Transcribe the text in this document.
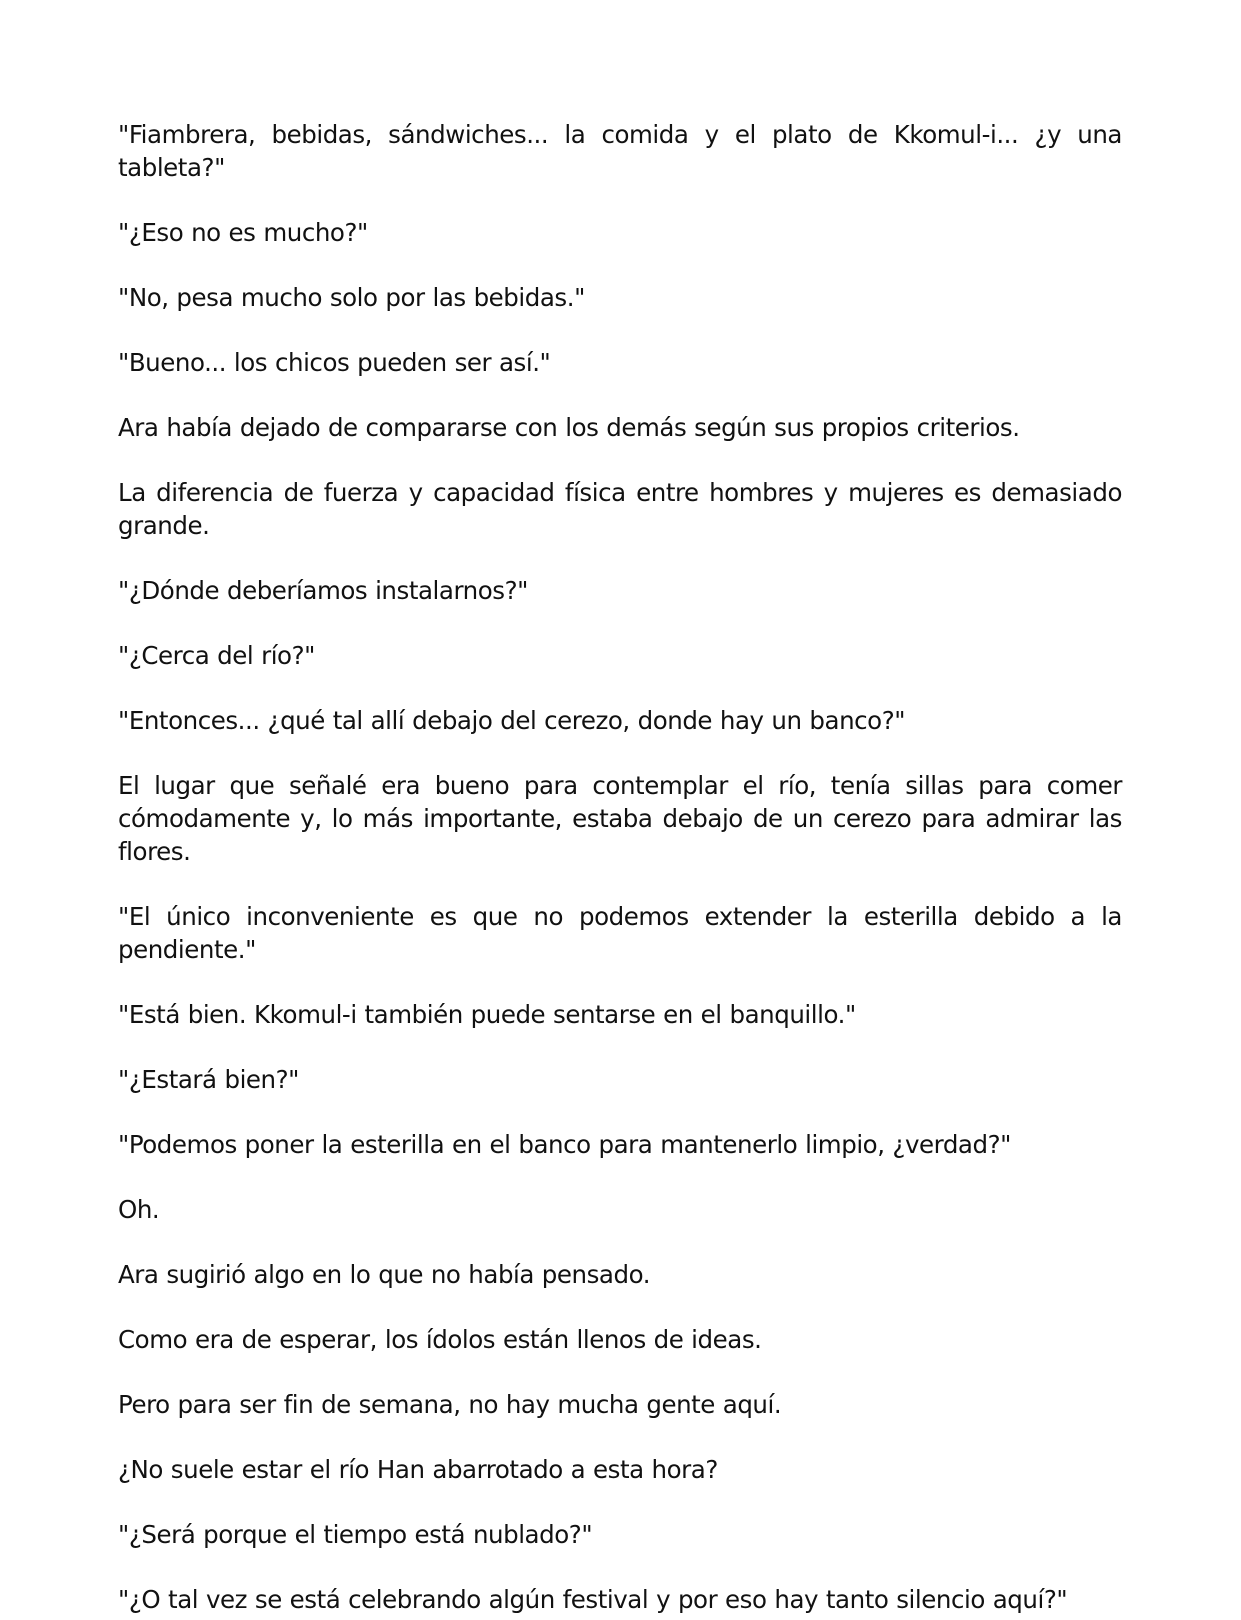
"Fiambrera, bebidas, sándwiches... la comida y el plato de Kkomul-i... ¿y una tableta?"

"¿Eso no es mucho?"

"No, pesa mucho solo por las bebidas."

"Bueno... los chicos pueden ser así."

Ara había dejado de compararse con los demás según sus propios criterios.

La diferencia de fuerza y capacidad física entre hombres y mujeres es demasiado grande.

"¿Dónde deberíamos instalarnos?"

"¿Cerca del río?"

"Entonces... ¿qué tal allí debajo del cerezo, donde hay un banco?"

El lugar que señalé era bueno para contemplar el río, tenía sillas para comer cómodamente y, lo más importante, estaba debajo de un cerezo para admirar las flores.

"El único inconveniente es que no podemos extender la esterilla debido a la pendiente."

"Está bien. Kkomul-i también puede sentarse en el banquillo."

"¿Estará bien?"

"Podemos poner la esterilla en el banco para mantenerlo limpio, ¿verdad?"

Oh.

Ara sugirió algo en lo que no había pensado.

Como era de esperar, los ídolos están llenos de ideas.

Pero para ser fin de semana, no hay mucha gente aquí.

¿No suele estar el río Han abarrotado a esta hora?

"¿Será porque el tiempo está nublado?"

"¿O tal vez se está celebrando algún festival y por eso hay tanto silencio aquí?"
